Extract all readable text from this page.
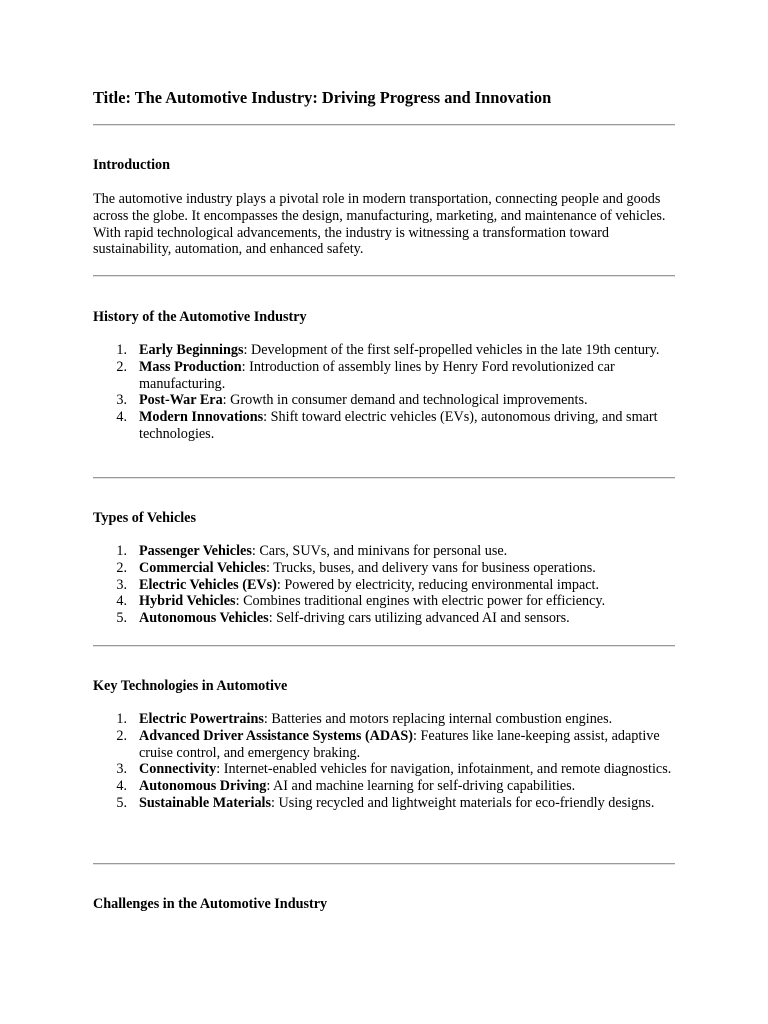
Title: The Automotive Industry: Driving Progress and Innovation
Introduction

The automotive industry plays a pivotal role in modern transportation, connecting people and goods across the globe. It encompasses the design, manufacturing, marketing, and maintenance of vehicles. With rapid technological advancements, the industry is witnessing a transformation toward sustainability, automation, and enhanced safety.

History of the Automotive Industry
1. Early Beginnings: Development of the first self-propelled vehicles in the late 19th century.
2. Mass Production: Introduction of assembly lines by Henry Ford revolutionized car manufacturing.
3. Post-War Era: Growth in consumer demand and technological improvements.
4. Modern Innovations: Shift toward electric vehicles (EVs), autonomous driving, and smart technologies.
Types of Vehicles
1. Passenger Vehicles: Cars, SUVs, and minivans for personal use.
2. Commercial Vehicles: Trucks, buses, and delivery vans for business operations.
3. Electric Vehicles (EVs): Powered by electricity, reducing environmental impact.
4. Hybrid Vehicles: Combines traditional engines with electric power for efficiency.
5. Autonomous Vehicles: Self-driving cars utilizing advanced AI and sensors.
Key Technologies in Automotive
1. Electric Powertrains: Batteries and motors replacing internal combustion engines.
2. Advanced Driver Assistance Systems (ADAS): Features like lane-keeping assist, adaptive cruise control, and emergency braking.
3. Connectivity: Internet-enabled vehicles for navigation, infotainment, and remote diagnostics.
4. Autonomous Driving: AI and machine learning for self-driving capabilities.
5. Sustainable Materials: Using recycled and lightweight materials for eco-friendly designs.
Challenges in the Automotive Industry
